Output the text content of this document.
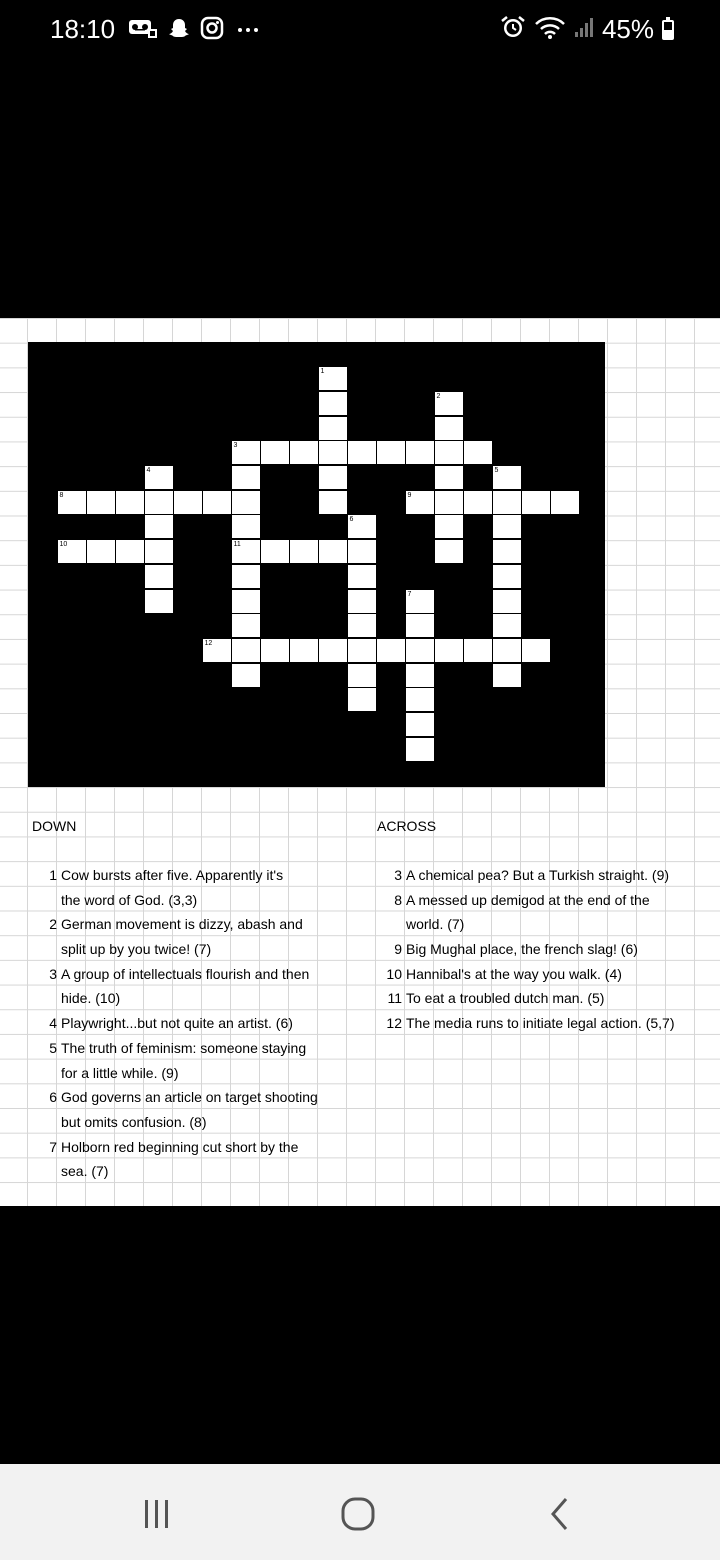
18:10	45%
1
2
3
4	5
6
7
8	9
10	11
12
DOWN	ACROSS
1 Cow bursts after five. Apparently it's
the word of God. (3,3)
2 German movement is dizzy, abash and
split up by you twice! (7)
3 A group of intellectuals flourish and then
hide. (10)
4 Playwright...but not quite an artist. (6)
5 The truth of feminism: someone staying
for a little while. (9)
6 God governs an article on target shooting
but omits confusion. (8)
7 Holborn red beginning cut short by the
sea. (7)
3 A chemical pea? But a Turkish straight. (9)
8 A messed up demigod at the end of the
world. (7)
9 Big Mughal place, the french slag! (6)
10 Hannibal's at the way you walk. (4)
11 To eat a troubled dutch man. (5)
12 The media runs to initiate legal action. (5,7)
